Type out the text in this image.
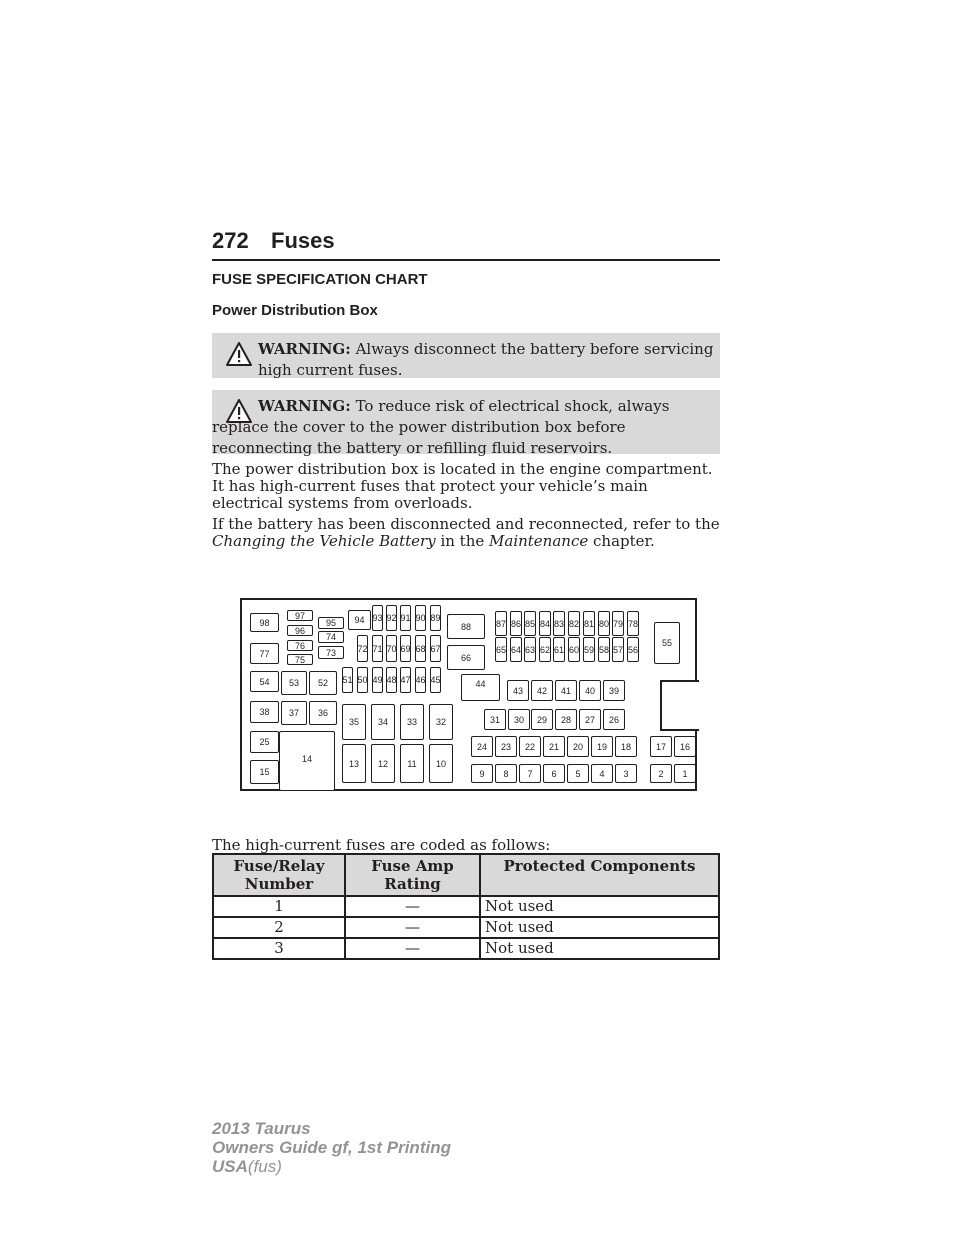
272 Fuses
FUSE SPECIFICATION CHART
Power Distribution Box
WARNING: Always disconnect the battery before servicing high current fuses.
WARNING: To reduce risk of electrical shock, always replace the cover to the power distribution box before reconnecting the battery or refilling fluid reservoirs.
The power distribution box is located in the engine compartment. It has high-current fuses that protect your vehicle’s main electrical systems from overloads.
If the battery has been disconnected and reconnected, refer to the Changing the Vehicle Battery in the Maintenance chapter.
1
2
3
4
5
6
7
8
9
10
11
12
13
14
15
16
17
18
19
20
21
22
23
24
25
26
27
28
29
30
31
32
33
34
35
36
37
38
39
40
41
42
43
44
45
46
47
48
49
50
51
52
53
54
55
56
57
58
59
60
61
62
63
64
65
66
67
68
69
70
71
72
73
74
75
76
77
78
79
80
81
82
83
84
85
86
87
88
89
90
91
92
93
94
95
96
97
98
The high-current fuses are coded as follows:
Fuse/Relay Number	Fuse Amp Rating	Protected Components
1	—	Not used
2	—	Not used
3	—	Not used
2013 Taurus
Owners Guide gf, 1st Printing
USA(fus)
